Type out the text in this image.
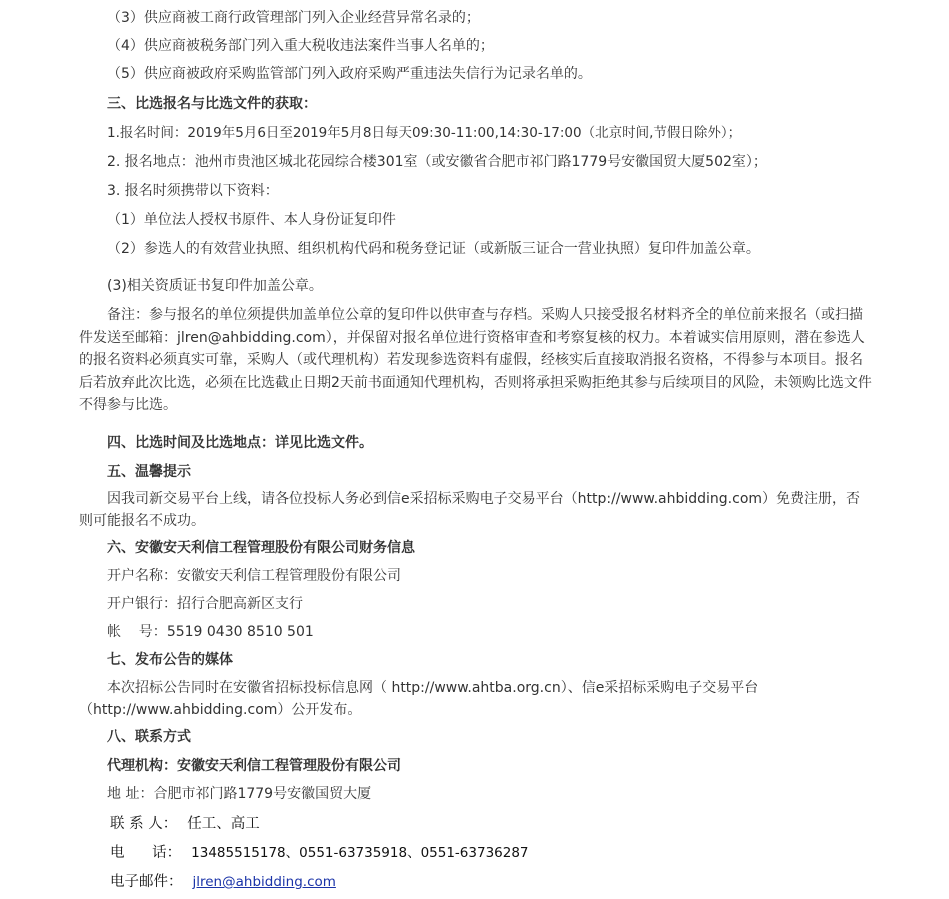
（3）供应商被工商行政管理部门列入企业经营异常名录的；
（4）供应商被税务部门列入重大税收违法案件当事人名单的；
（5）供应商被政府采购监管部门列入政府采购严重违法失信行为记录名单的。
三、比选报名与比选文件的获取：
1.报名时间：2019年5月6日至2019年5月8日每天09:30-11:00,14:30-17:00（北京时间,节假日除外）；
2. 报名地点：池州市贵池区城北花园综合楼301室（或安徽省合肥市祁门路1779号安徽国贸大厦502室）；
3. 报名时须携带以下资料：
（1）单位法人授权书原件、本人身份证复印件
（2）参选人的有效营业执照、组织机构代码和税务登记证（或新版三证合一营业执照）复印件加盖公章。
(3)相关资质证书复印件加盖公章。
备注：参与报名的单位须提供加盖单位公章的复印件以供审查与存档。采购人只接受报名材料齐全的单位前来报名（或扫描件发送至邮箱：jlren@ahbidding.com），并保留对报名单位进行资格审查和考察复核的权力。本着诚实信用原则，潜在参选人的报名资料必须真实可靠，采购人（或代理机构）若发现参选资料有虚假，经核实后直接取消报名资格，不得参与本项目。报名后若放弃此次比选，必须在比选截止日期2天前书面通知代理机构，否则将承担采购拒绝其参与后续项目的风险，未领购比选文件不得参与比选。
四、比选时间及比选地点：详见比选文件。
五、温馨提示
因我司新交易平台上线，请各位投标人务必到信e采招标采购电子交易平台（http://www.ahbidding.com）免费注册，否则可能报名不成功。
六、安徽安天利信工程管理股份有限公司财务信息
开户名称：安徽安天利信工程管理股份有限公司
开户银行：招行合肥高新区支行
帐    号：5519 0430 8510 501
七、发布公告的媒体
本次招标公告同时在安徽省招标投标信息网（ http://www.ahtba.org.cn）、信e采招标采购电子交易平台（http://www.ahbidding.com）公开发布。
八、联系方式
代理机构：安徽安天利信工程管理股份有限公司
地 址：合肥市祁门路1779号安徽国贸大厦
联 系 人： 任工、高工
电      话： 13485515178、0551-63735918、0551-63736287
电子邮件： jlren@ahbidding.com
